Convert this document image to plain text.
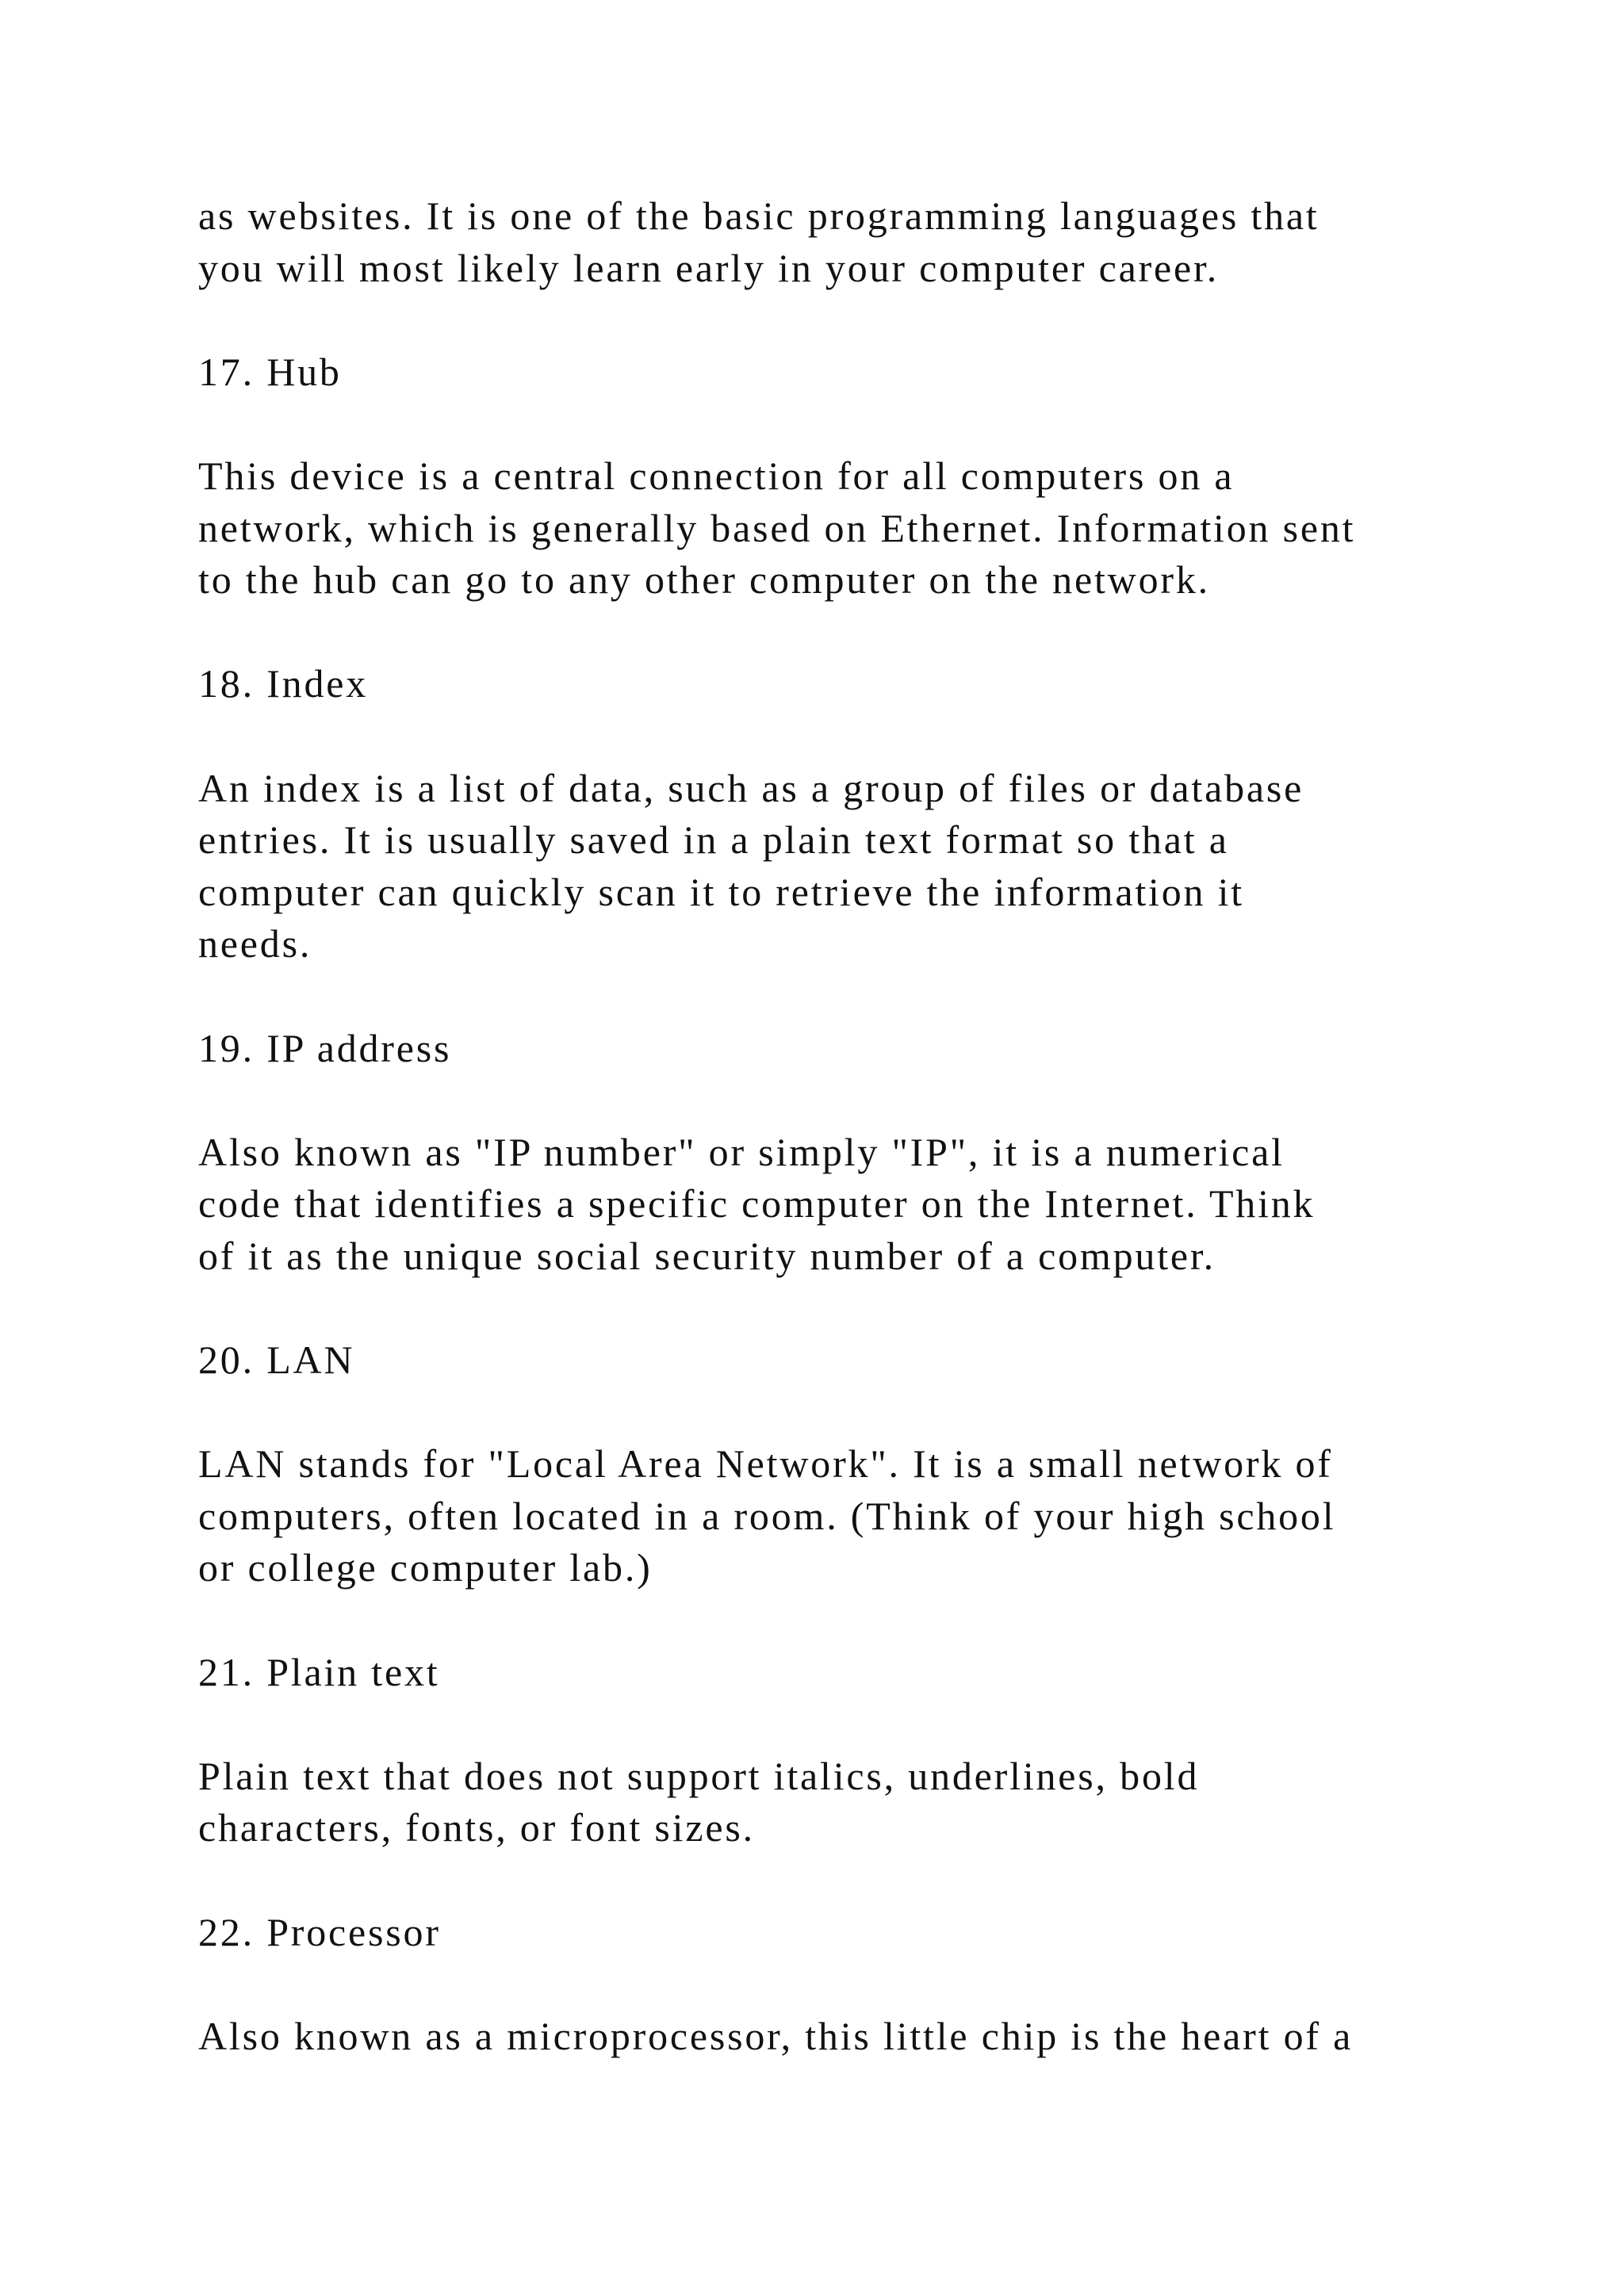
as websites. It is one of the basic programming languages that
you will most likely learn early in your computer career.
17. Hub
This device is a central connection for all computers on a
network, which is generally based on Ethernet. Information sent
to the hub can go to any other computer on the network.
18. Index
An index is a list of data, such as a group of files or database
entries. It is usually saved in a plain text format so that a
computer can quickly scan it to retrieve the information it
needs.
19. IP address
Also known as "IP number" or simply "IP", it is a numerical
code that identifies a specific computer on the Internet. Think
of it as the unique social security number of a computer.
20. LAN
LAN stands for "Local Area Network". It is a small network of
computers, often located in a room. (Think of your high school
or college computer lab.)
21. Plain text
Plain text that does not support italics, underlines, bold
characters, fonts, or font sizes.
22. Processor
Also known as a microprocessor, this little chip is the heart of a
